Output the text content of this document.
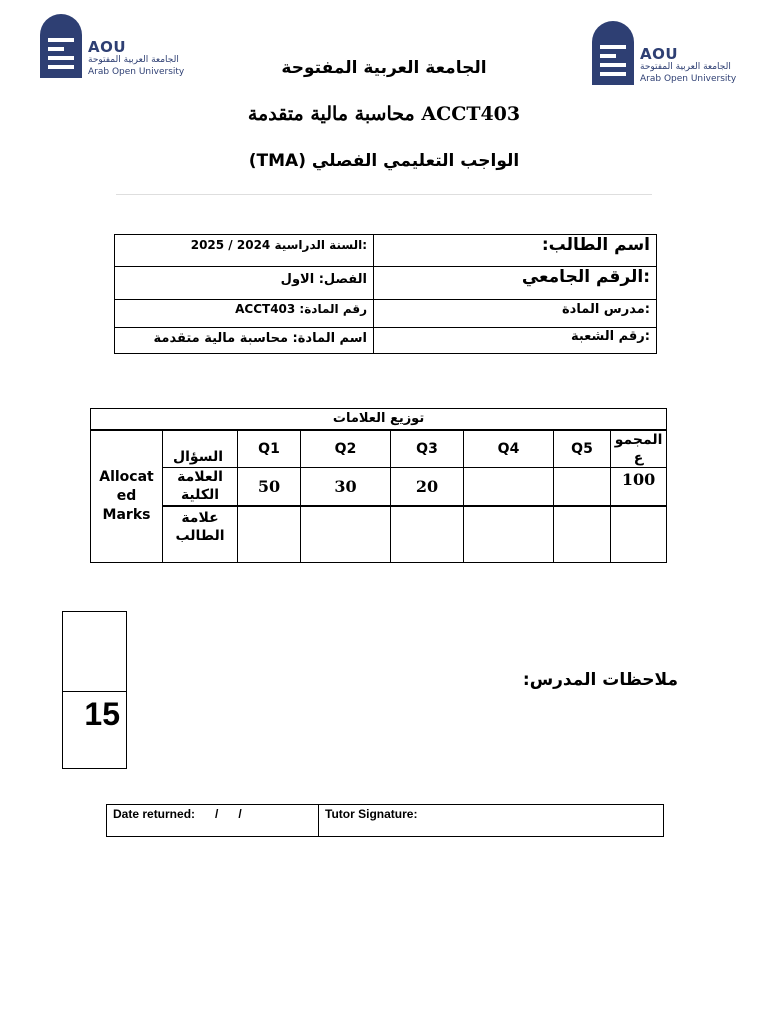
AOU
الجامعة العربية المفتوحة
Arab Open University
AOU
الجامعة العربية المفتوحة
Arab Open University
الجامعة العربية المفتوحة
محاسبة مالية متقدمة ACCT403
(TMA) الواجب التعليمي الفصلي
:السنة الدراسية 2024 / 2025	اسم الطالب:
الفصل: الاول	:الرقم الجامعي
رقم المادة: ACCT403	:مدرس المادة
اسم المادة: محاسبة مالية متقدمة	:رقم الشعبة
توزيع العلامات							
Allocat ed Marks	السؤال	Q1	Q2	Q3	Q4	Q5	المجموع
	العلامة الكلية	50	30	20			100
	علامة الطالب						
15
ملاحظات المدرس:
Date returned:      /      /	Tutor Signature:
